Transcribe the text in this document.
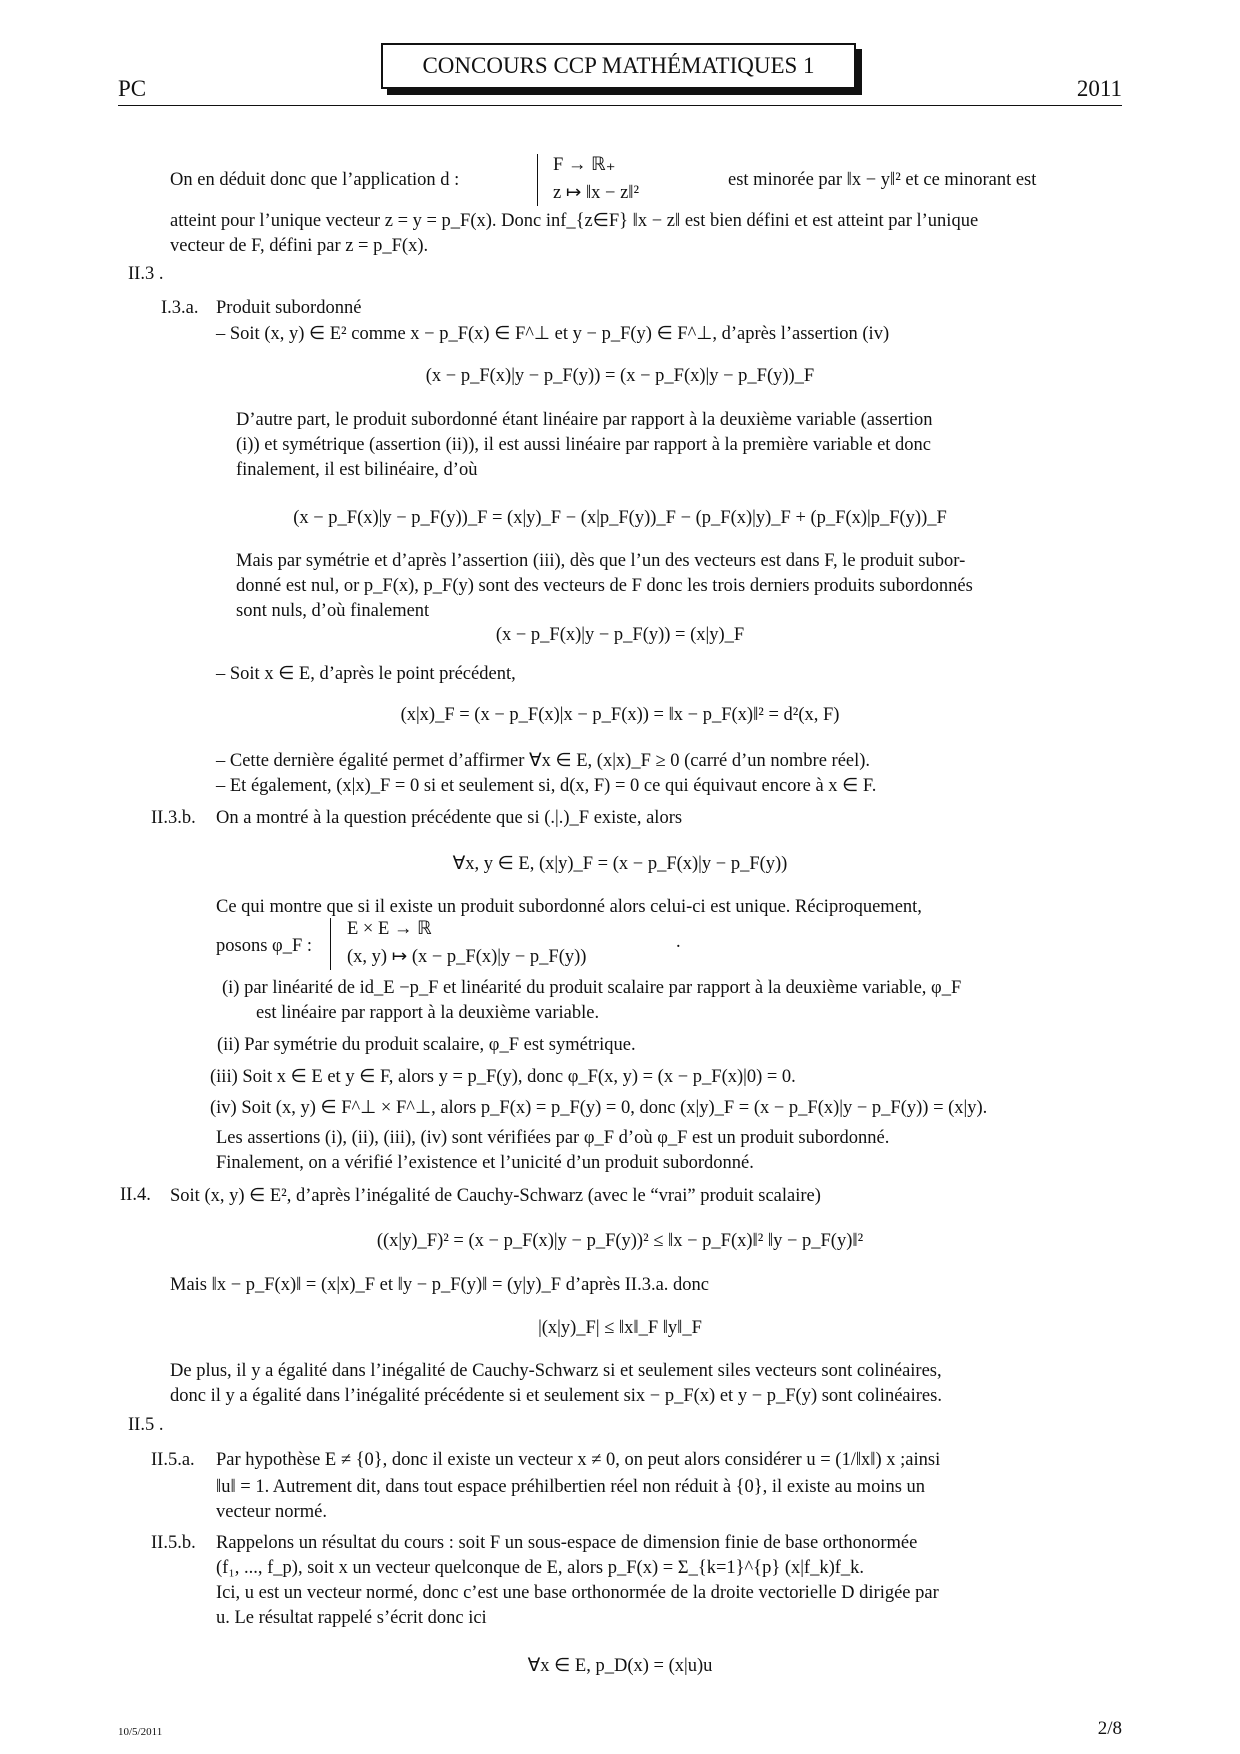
CONCOURS CCP MATHÉMATIQUES 1
PC	2011
On en déduit donc que l’application d :
F → ℝ₊
z ↦ ‖x − z‖²
est minorée par ‖x − y‖² et ce minorant est
atteint pour l’unique vecteur z = y = p_F(x). Donc inf_{z∈F} ‖x − z‖ est bien défini et est atteint par l’unique
vecteur de F, défini par z = p_F(x).
II.3 .
I.3.a. Produit subordonné
– Soit (x, y) ∈ E² comme x − p_F(x) ∈ F^⊥ et y − p_F(y) ∈ F^⊥, d’après l’assertion (iv)
(x − p_F(x)|y − p_F(y)) = (x − p_F(x)|y − p_F(y))_F
D’autre part, le produit subordonné étant linéaire par rapport à la deuxième variable (assertion
(i)) et symétrique (assertion (ii)), il est aussi linéaire par rapport à la première variable et donc
finalement, il est bilinéaire, d’où
(x − p_F(x)|y − p_F(y))_F = (x|y)_F − (x|p_F(y))_F − (p_F(x)|y)_F + (p_F(x)|p_F(y))_F
Mais par symétrie et d’après l’assertion (iii), dès que l’un des vecteurs est dans F, le produit subor-
donné est nul, or p_F(x), p_F(y) sont des vecteurs de F donc les trois derniers produits subordonnés
sont nuls, d’où finalement
(x − p_F(x)|y − p_F(y)) = (x|y)_F
– Soit x ∈ E, d’après le point précédent,
(x|x)_F = (x − p_F(x)|x − p_F(x)) = ‖x − p_F(x)‖² = d²(x, F)
– Cette dernière égalité permet d’affirmer ∀x ∈ E, (x|x)_F ≥ 0 (carré d’un nombre réel).
– Et également, (x|x)_F = 0 si et seulement si, d(x, F) = 0 ce qui équivaut encore à x ∈ F.
II.3.b. On a montré à la question précédente que si (.|.)_F existe, alors
∀x, y ∈ E, (x|y)_F = (x − p_F(x)|y − p_F(y))
Ce qui montre que si il existe un produit subordonné alors celui-ci est unique. Réciproquement,
posons φ_F :
E × E → ℝ
(x, y) ↦ (x − p_F(x)|y − p_F(y))
.
(i) par linéarité de id_E −p_F et linéarité du produit scalaire par rapport à la deuxième variable, φ_F
est linéaire par rapport à la deuxième variable.
(ii) Par symétrie du produit scalaire, φ_F est symétrique.
(iii) Soit x ∈ E et y ∈ F, alors y = p_F(y), donc φ_F(x, y) = (x − p_F(x)|0) = 0.
(iv) Soit (x, y) ∈ F^⊥ × F^⊥, alors p_F(x) = p_F(y) = 0, donc (x|y)_F = (x − p_F(x)|y − p_F(y)) = (x|y).
Les assertions (i), (ii), (iii), (iv) sont vérifiées par φ_F d’où φ_F est un produit subordonné.
Finalement, on a vérifié l’existence et l’unicité d’un produit subordonné.
II.4. Soit (x, y) ∈ E², d’après l’inégalité de Cauchy-Schwarz (avec le “vrai” produit scalaire)
((x|y)_F)² = (x − p_F(x)|y − p_F(y))² ≤ ‖x − p_F(x)‖² ‖y − p_F(y)‖²
Mais ‖x − p_F(x)‖ = (x|x)_F et ‖y − p_F(y)‖ = (y|y)_F d’après II.3.a. donc
|(x|y)_F| ≤ ‖x‖_F ‖y‖_F
De plus, il y a égalité dans l’inégalité de Cauchy-Schwarz si et seulement siles vecteurs sont colinéaires,
donc il y a égalité dans l’inégalité précédente si et seulement six − p_F(x) et y − p_F(y) sont colinéaires.
II.5 .
II.5.a. Par hypothèse E ≠ {0}, donc il existe un vecteur x ≠ 0, on peut alors considérer u = (1/‖x‖) x ;ainsi
‖u‖ = 1. Autrement dit, dans tout espace préhilbertien réel non réduit à {0}, il existe au moins un
vecteur normé.
II.5.b. Rappelons un résultat du cours : soit F un sous-espace de dimension finie de base orthonormée
(f₁, ..., f_p), soit x un vecteur quelconque de E, alors p_F(x) = Σ_{k=1}^{p} (x|f_k)f_k.
Ici, u est un vecteur normé, donc c’est une base orthonormée de la droite vectorielle D dirigée par
u. Le résultat rappelé s’écrit donc ici
∀x ∈ E, p_D(x) = (x|u)u
10/5/2011	2/8
